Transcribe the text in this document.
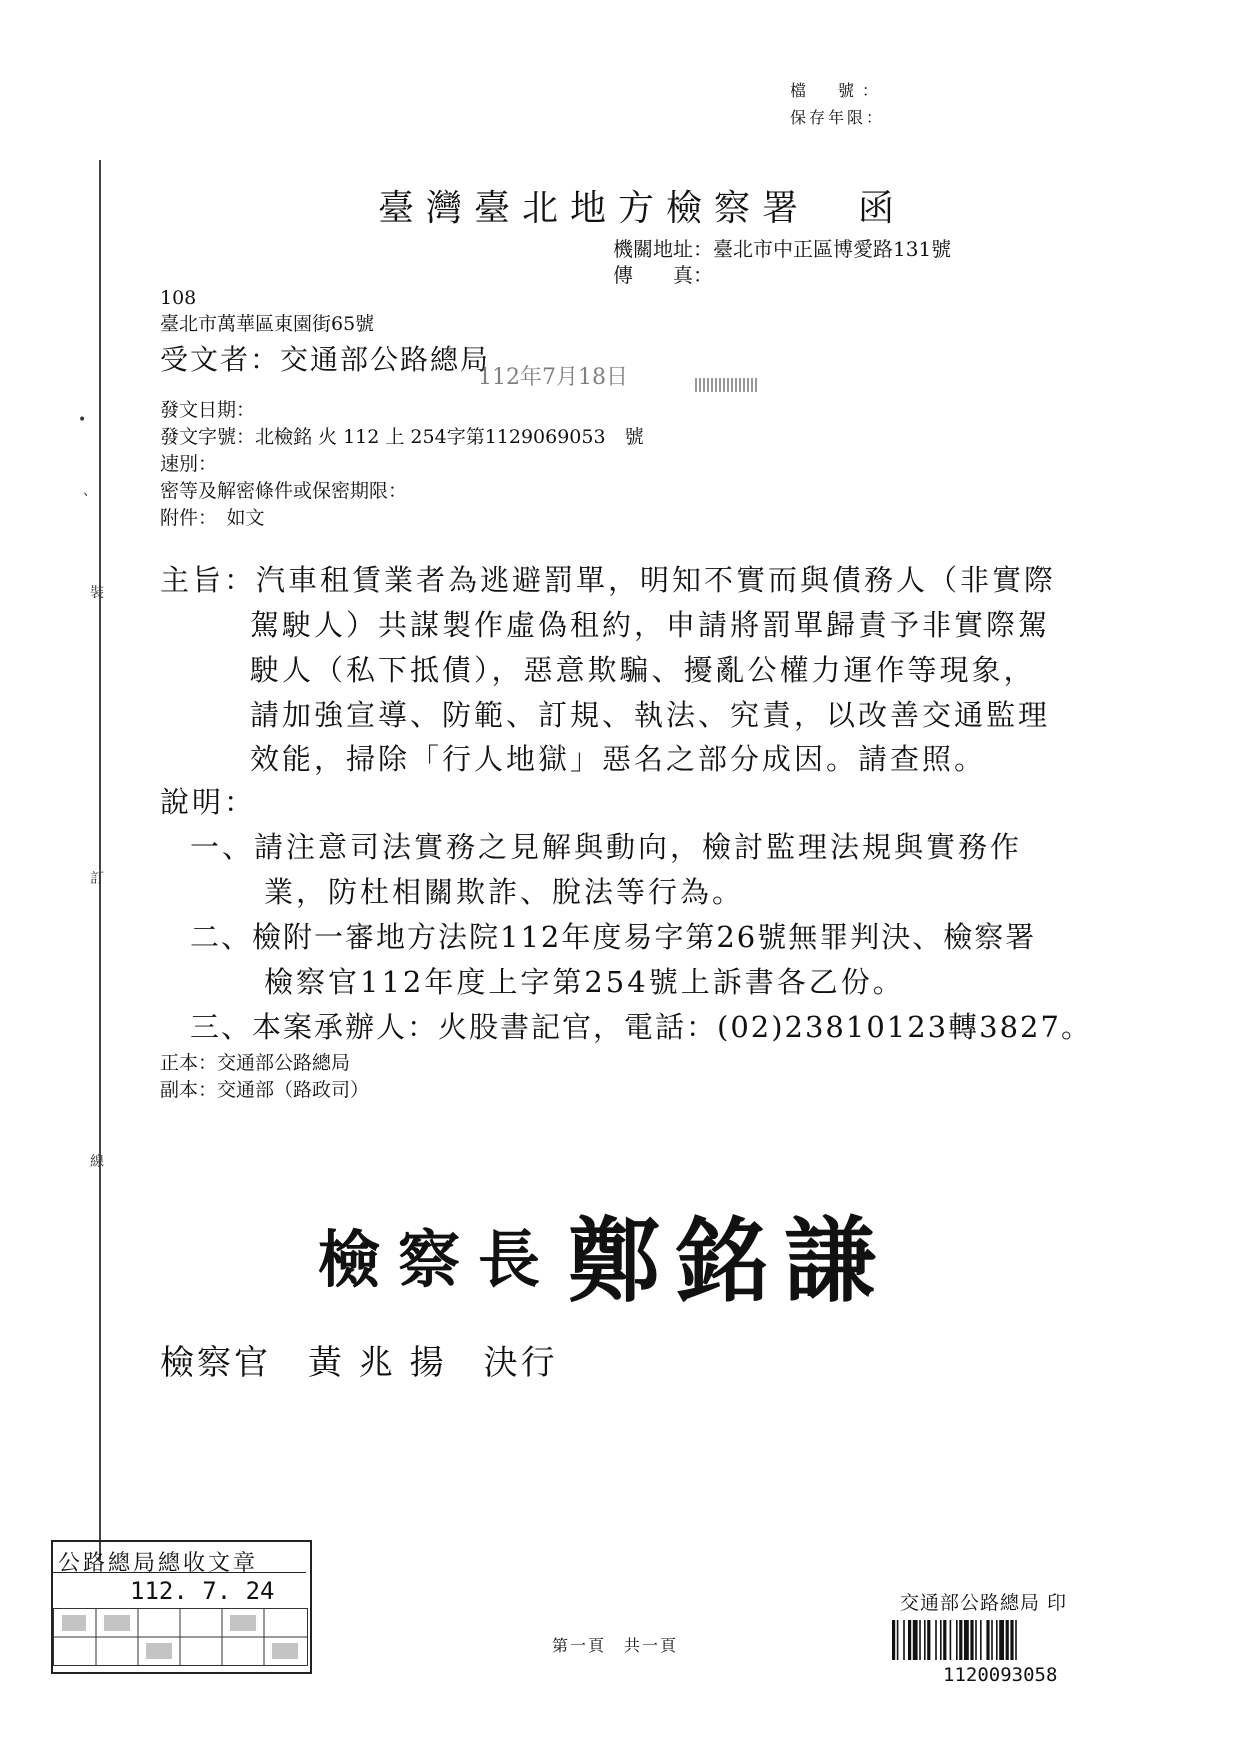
檔　號：
保存年限：
裝
訂
線
•
、
臺灣臺北地方檢察署　函
機關地址：臺北市中正區博愛路131號
傳　　真：
108
臺北市萬華區東園街65號
受文者：交通部公路總局
112年7月18日
發文日期：
發文字號：北檢銘 火 112 上 254字第1129069053　號
速別：
密等及解密條件或保密期限：
附件：　如文
主旨：汽車租賃業者為逃避罰單，明知不實而與債務人（非實際
駕駛人）共謀製作虛偽租約，申請將罰單歸責予非實際駕
駛人（私下抵債），惡意欺騙、擾亂公權力運作等現象，
請加強宣導、防範、訂規、執法、究責，以改善交通監理
效能，掃除「行人地獄」惡名之部分成因。請查照。
說明：
一、請注意司法實務之見解與動向，檢討監理法規與實務作
業，防杜相關欺詐、脫法等行為。
二、檢附一審地方法院112年度易字第26號無罪判決、檢察署
檢察官112年度上字第254號上訴書各乙份。
三、本案承辦人：火股書記官，電話：(02)23810123轉3827。
正本：交通部公路總局
副本：交通部（路政司）
檢察長 鄭銘謙
檢察官　黃 兆 揚　決行
公路總局總收文章
112. 7. 24
第一頁　共一頁
交通部公路總局 印
1120093058
